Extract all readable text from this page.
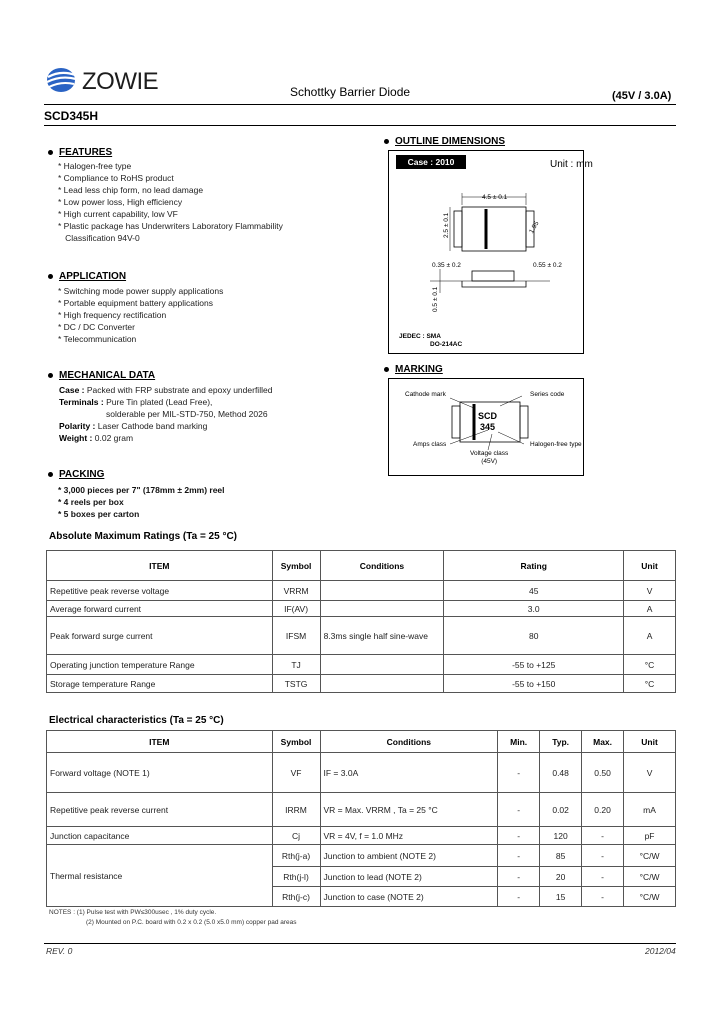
ZOWIE	Schottky Barrier Diode	(45V / 3.0A)
SCD345H
FEATURES
* Halogen-free type
* Compliance to RoHS product
* Lead less chip form, no lead damage
* Low power loss, High efficiency
* High current capability, low VF
* Plastic package has Underwriters Laboratory Flammability
Classification 94V-0
APPLICATION
* Switching mode power supply applications
* Portable equipment battery applications
* High frequency rectification
* DC / DC Converter
* Telecommunication
MECHANICAL DATA
Case : Packed with FRP substrate and epoxy underfilled
Terminals : Pure Tin plated (Lead Free),
solderable per MIL-STD-750, Method 2026
Polarity : Laser Cathode band marking
Weight : 0.02 gram
PACKING
* 3,000 pieces per 7" (178mm ± 2mm) reel
* 4 reels per box
* 5 boxes per carton
OUTLINE DIMENSIONS
Case : 2010	Unit : mm
4.5 ± 0.1
2.5 ± 0.1	1.95
0.35 ± 0.2	0.55 ± 0.2
0.5 ± 0.1
JEDEC : SMA
DO-214AC
MARKING
SCD
345
Cathode mark	Series code
Amps class	Halogen-free type
Voltage class
(45V)
Absolute Maximum Ratings (Ta = 25 °C)
ITEM	Symbol	Conditions	Rating	Unit
Repetitive peak reverse voltage	VRRM		45	V
Average forward current	IF(AV)		3.0	A
Peak forward surge current	IFSM	8.3ms single half sine-wave	80	A
Operating junction temperature Range	TJ		-55 to +125	°C
Storage temperature Range	TSTG		-55 to +150	°C
Electrical characteristics (Ta = 25 °C)
ITEM	Symbol	Conditions	Min.	Typ.	Max.	Unit
Forward voltage (NOTE 1)	VF	IF = 3.0A	-	0.48	0.50	V
Repetitive peak reverse current	IRRM	VR = Max. VRRM , Ta = 25 °C	-	0.02	0.20	mA
Junction capacitance	Cj	VR = 4V, f = 1.0 MHz	-	120	-	pF
Thermal resistance	Rth(j-a)	Junction to ambient (NOTE 2)	-	85	-	°C/W
	Rth(j-l)	Junction to lead (NOTE 2)	-	20	-	°C/W
	Rth(j-c)	Junction to case (NOTE 2)	-	15	-	°C/W
NOTES : (1) Pulse test with PW≤300usec , 1% duty cycle.
(2) Mounted on P.C. board with 0.2 x 0.2 (5.0 x5.0 mm) copper pad areas
REV. 0	2012/04
